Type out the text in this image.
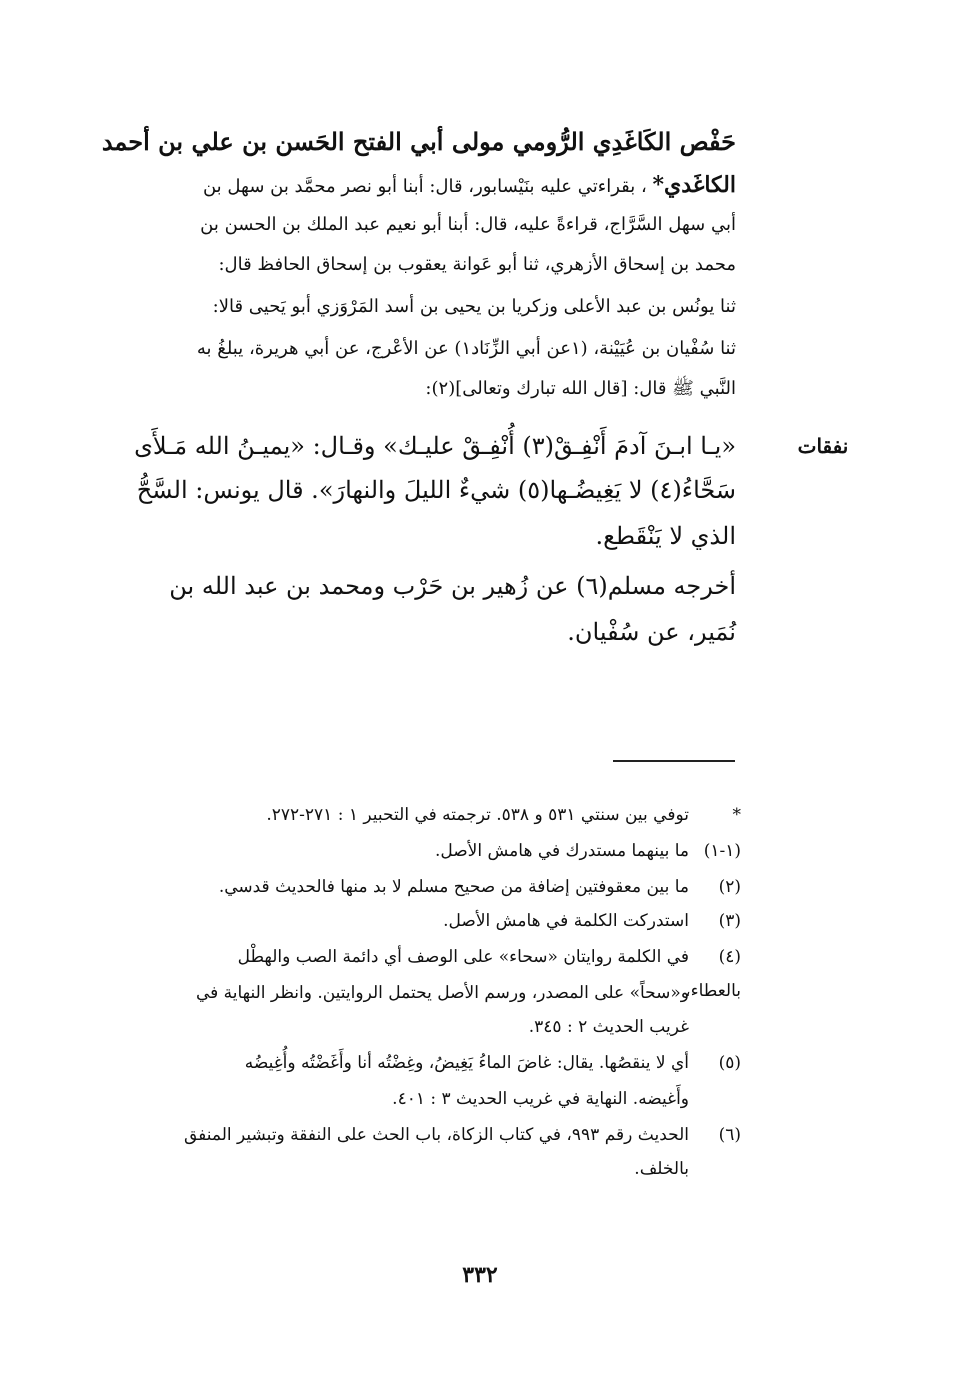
حَفْص الكَاغَدِي الرُّومي مولى أبي الفتح الحَسن بن علي بن أحمد
الكاغَدي* ، بقراءتي عليه بنَيْسابور، قال: أبنا أبو نصر محمَّد بن سهل بن
أبي سهل السَّرَّاج، قراءةً عليه، قال: أبنا أبو نعيم عبد الملك بن الحسن بن
محمد بن إسحاق الأزهري، ثنا أبو عَوانة يعقوب بن إسحاق الحافظ قال:
ثنا يونُس بن عبد الأعلى وزكريا بن يحيى بن أسد المَرْوَزي أبو يَحيى قالا:
ثنا سُفْيان بن عُيَيْنة، (١عن أبي الزِّنَاد١) عن الأعْرج، عن أبي هريرة، يبلغُ به
النَّبي ﷺ قال: [قال الله تبارك وتعالى](٢):
نفقات
«يـا ابـنَ آدمَ أَنْفِـقْ(٣) أُنْفِـقْ عليـك» وقـال: «يميـنُ الله مَـلأَى
سَحَّاءُ(٤) لا يَغِيضُـها(٥) شيءٌ الليلَ والنهارَ». قال يونس: السَّحُّ
الذي لا يَنْقَطع.
أخرجه مسلم(٦) عن زُهير بن حَرْب ومحمد بن عبد الله بن
نُمَير، عن سُفْيان.
*توفي بين سنتي ٥٣١ و ٥٣٨. ترجمته في التحبير ١ : ٢٧١-٢٧٢.
(١-١)ما بينهما مستدرك في هامش الأصل.
(٢)ما بين معقوفتين إضافة من صحيح مسلم لا بد منها فالحديث قدسي.
(٣)استدركت الكلمة في هامش الأصل.
(٤)في الكلمة روايتان «سحاء» على الوصف أي دائمة الصب والهطْل بالعطاء،
و«سحاً» على المصدر، ورسم الأصل يحتمل الروايتين. وانظر النهاية في
غريب الحديث ٢ : ٣٤٥.
(٥)أي لا ينقصُها. يقال: غاضَ الماءُ يَغِيضُ، وغِضْتُه أنا وأَغَضْتُه وأُغِيضُه
وأَغيضه. النهاية في غريب الحديث ٣ : ٤٠١.
(٦)الحديث رقم ٩٩٣، في كتاب الزكاة، باب الحث على النفقة وتبشير المنفق
بالخلف.
٣٣٢
